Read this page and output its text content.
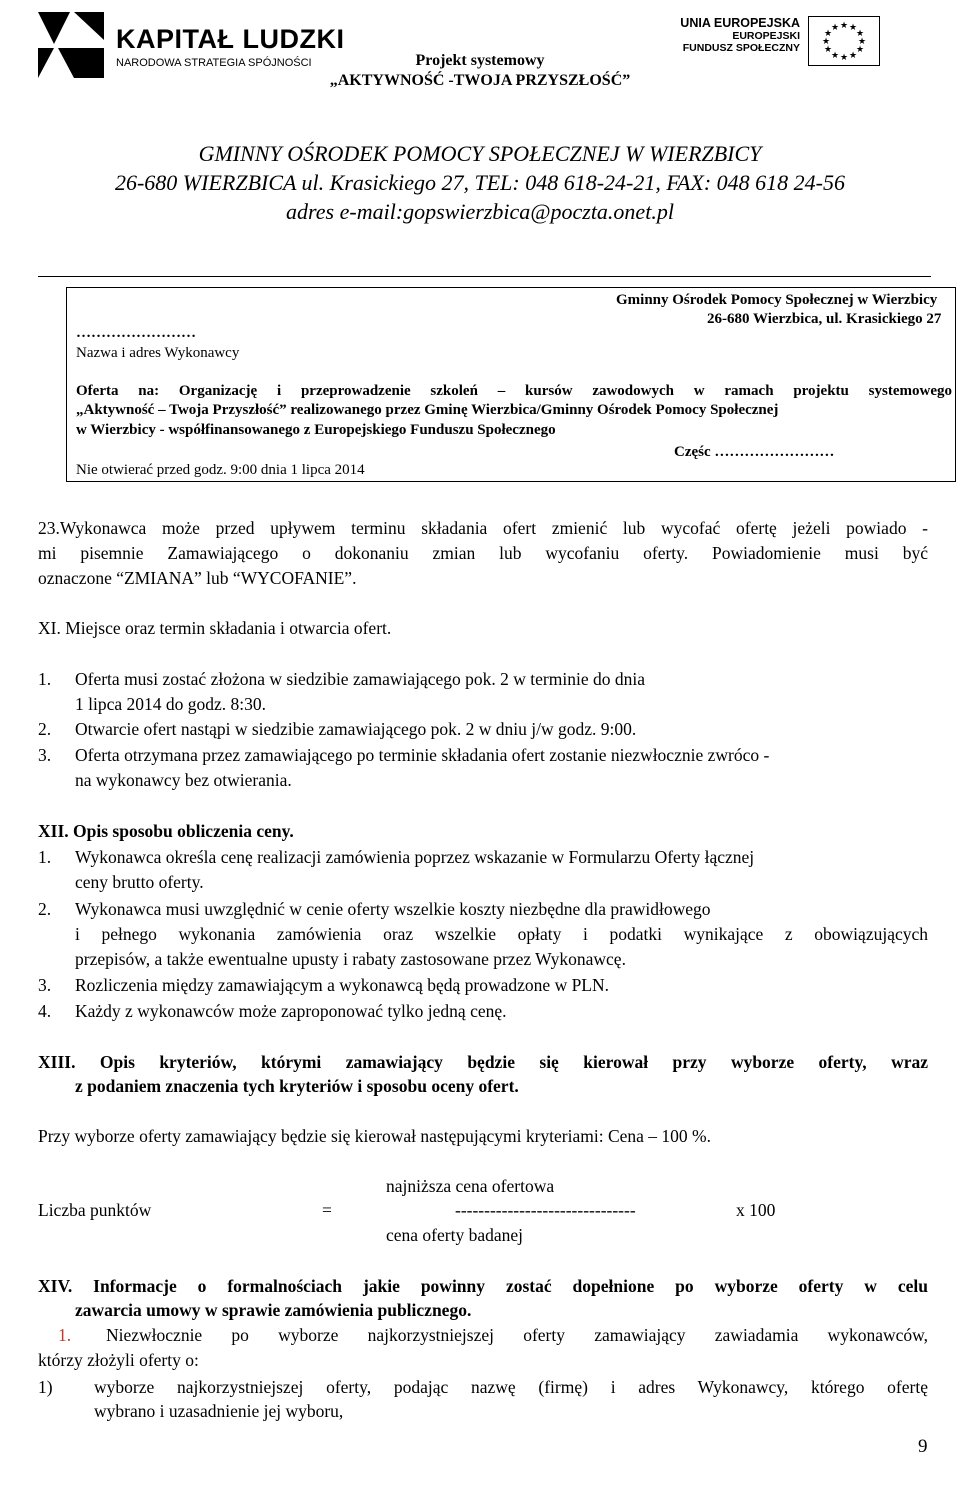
KAPITAŁ LUDZKI
NARODOWA STRATEGIA SPÓJNOŚCI
UNIA EUROPEJSKA
EUROPEJSKI
FUNDUSZ SPOŁECZNY
★ ★
★
★
★
★
★
★
★
★
★
★
Projekt systemowy
„AKTYWNOŚĆ -TWOJA PRZYSZŁOŚĆ”
GMINNY OŚRODEK POMOCY SPOŁECZNEJ W WIERZBICY
26-680 WIERZBICA ul. Krasickiego 27, TEL: 048 618-24-21, FAX: 048 618 24-56
adres e-mail:gopswierzbica@poczta.onet.pl
Gminny Ośrodek Pomocy Społecznej w Wierzbicy
26-680 Wierzbica, ul. Krasickiego 27
……………………
Nazwa i adres Wykonawcy
Oferta na: Organizację i przeprowadzenie szkoleń – kursów zawodowych w ramach projektu systemowego
„Aktywność – Twoja Przyszłość” realizowanego przez Gminę Wierzbica/Gminny Ośrodek Pomocy Społecznej
w Wierzbicy - współfinansowanego z Europejskiego Funduszu Społecznego
Częśc ……………………
Nie otwierać przed godz. 9:00 dnia 1 lipca 2014
23.Wykonawca może przed upływem terminu składania ofert zmienić lub wycofać ofertę jeżeli powiado -
mi pisemnie Zamawiającego o dokonaniu zmian lub wycofaniu oferty. Powiadomienie musi być
oznaczone “ZMIANA” lub “WYCOFANIE”.
XI. Miejsce oraz termin składania i otwarcia ofert.
1. Oferta musi zostać złożona w siedzibie zamawiającego pok. 2 w terminie do dnia
1 lipca 2014 do godz. 8:30.
2. Otwarcie ofert nastąpi w siedzibie zamawiającego pok. 2 w dniu j/w godz. 9:00.
3. Oferta otrzymana przez zamawiającego po terminie składania ofert zostanie niezwłocznie zwróco -
na wykonawcy bez otwierania.
XII. Opis sposobu obliczenia ceny.
1. Wykonawca określa cenę realizacji zamówienia poprzez wskazanie w Formularzu Oferty łącznej
ceny brutto oferty.
2. Wykonawca musi uwzględnić w cenie oferty wszelkie koszty niezbędne dla prawidłowego
i pełnego wykonania zamówienia oraz wszelkie opłaty i podatki wynikające z obowiązujących
przepisów, a także ewentualne upusty i rabaty zastosowane przez Wykonawcę.
3. Rozliczenia między zamawiającym a wykonawcą będą prowadzone w PLN.
4. Każdy z wykonawców może zaproponować tylko jedną cenę.
XIII. Opis kryteriów, którymi zamawiający będzie się kierował przy wyborze oferty, wraz
z podaniem znaczenia tych kryteriów i sposobu oceny ofert.
Przy wyborze oferty zamawiający będzie się kierował następującymi kryteriami: Cena – 100 %.
najniższa cena ofertowa
Liczba punktów	=	-------------------------------	x 100
cena oferty badanej
XIV. Informacje o formalnościach jakie powinny zostać dopełnione po wyborze oferty w celu
zawarcia umowy w sprawie zamówienia publicznego.
1. Niezwłocznie po wyborze najkorzystniejszej oferty zamawiający zawiadamia wykonawców,
którzy złożyli oferty o:
1) wyborze najkorzystniejszej oferty, podając nazwę (firmę) i adres Wykonawcy, którego ofertę
wybrano i uzasadnienie jej wyboru,
9
